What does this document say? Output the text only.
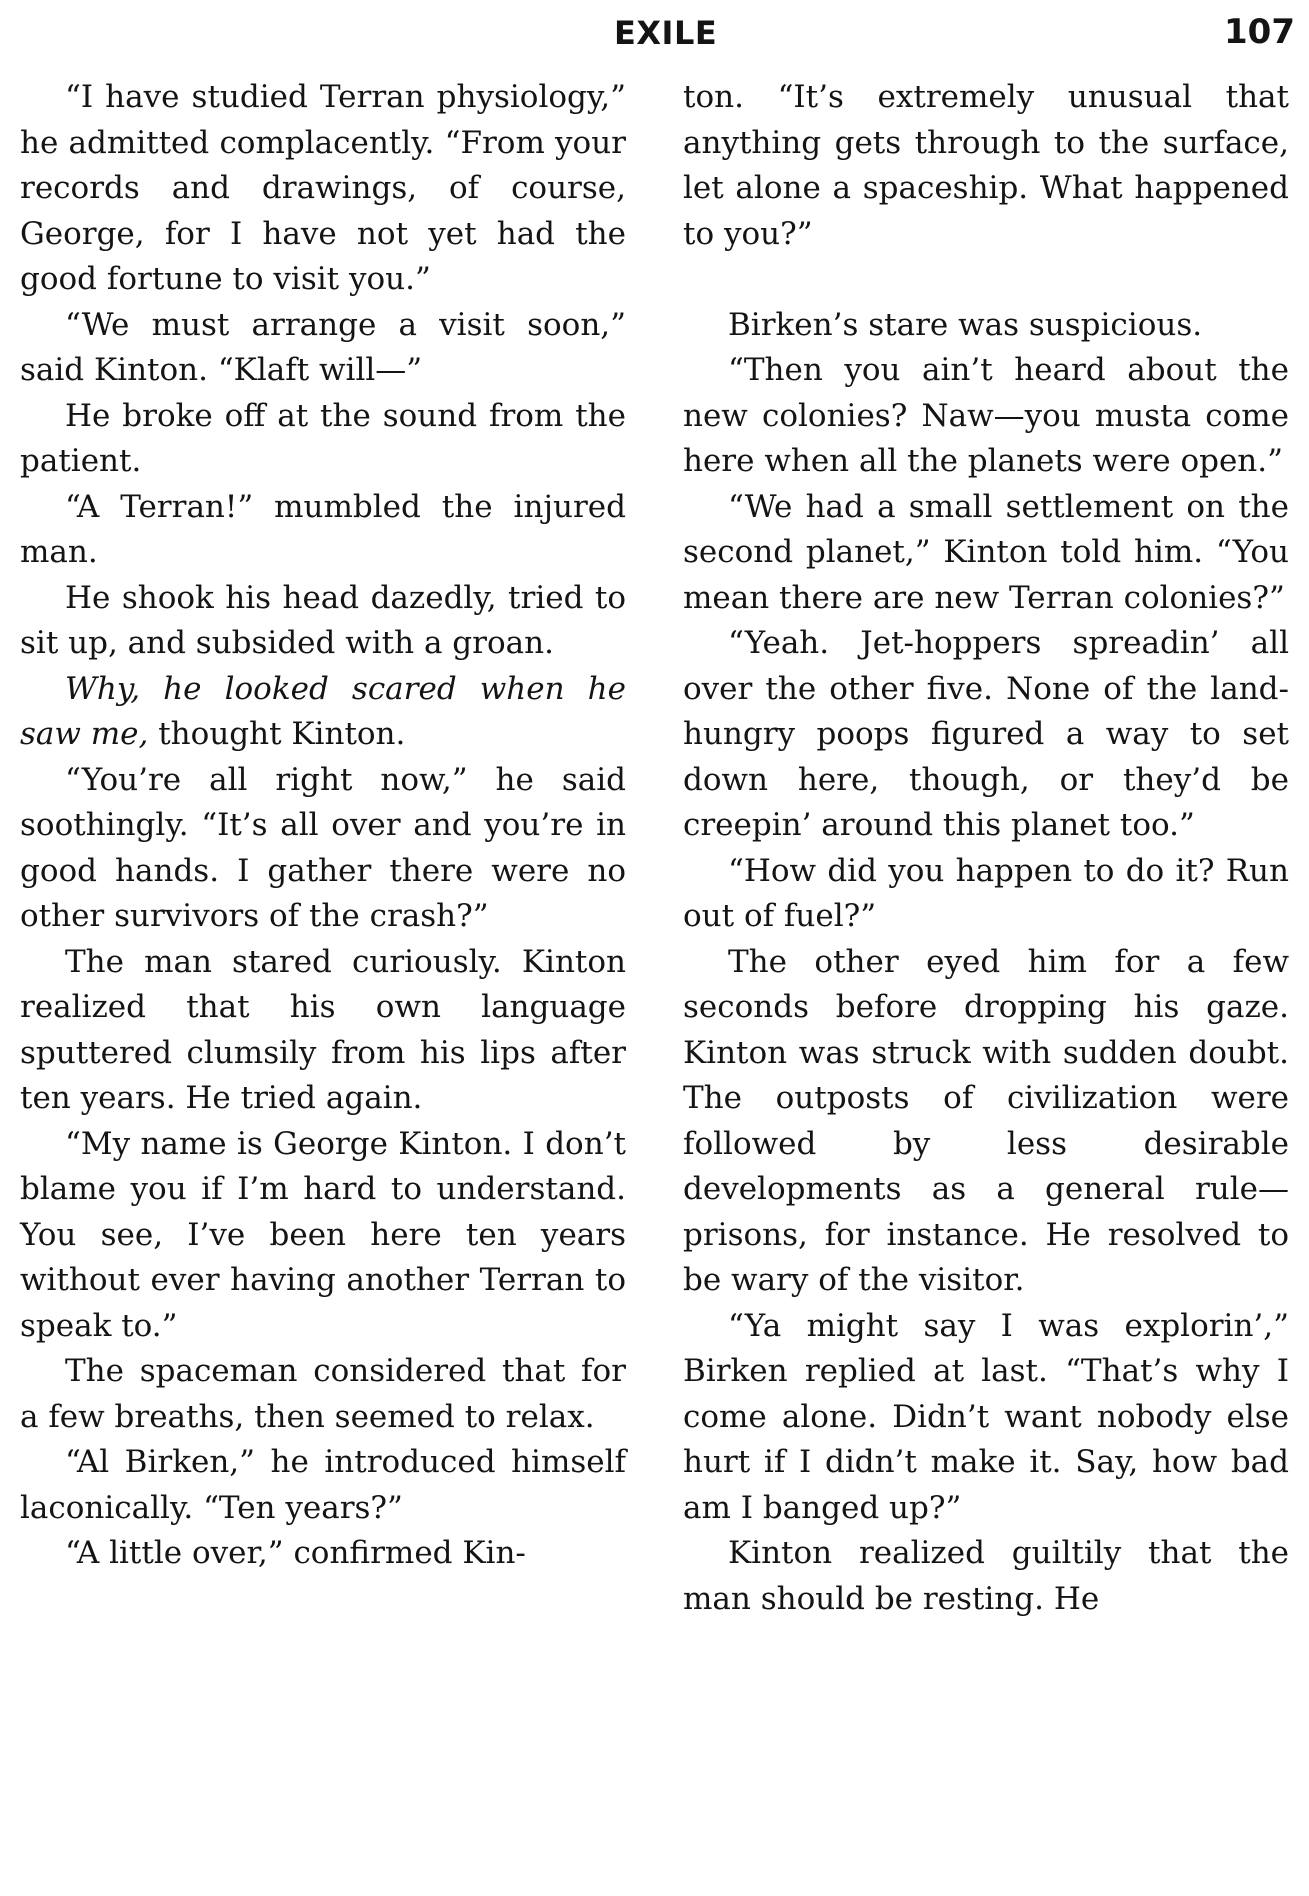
EXILE	107

“I have studied Terran physiology,” he admitted complacently. “From your records and drawings, of course, George, for I have not yet had the good fortune to visit you.”

“We must arrange a visit soon,” said Kinton. “Klaft will—”

He broke off at the sound from the patient.

“A Terran!” mumbled the injured man.

He shook his head dazedly, tried to sit up, and subsided with a groan.

Why, he looked scared when he saw me, thought Kinton.

“You’re all right now,” he said soothingly. “It’s all over and you’re in good hands. I gather there were no other survivors of the crash?”

The man stared curiously. Kinton realized that his own language sputtered clumsily from his lips after ten years. He tried again.

“My name is George Kinton. I don’t blame you if I’m hard to understand. You see, I’ve been here ten years without ever having another Terran to speak to.”

The spaceman considered that for a few breaths, then seemed to relax.

“Al Birken,” he introduced himself laconically. “Ten years?”

“A little over,” confirmed Kin-

ton. “It’s extremely unusual that anything gets through to the surface, let alone a spaceship. What happened to you?”

Birken’s stare was suspicious.

“Then you ain’t heard about the new colonies? Naw—you musta come here when all the planets were open.”

“We had a small settlement on the second planet,” Kinton told him. “You mean there are new Terran colonies?”

“Yeah. Jet-hoppers spreadin’ all over the other five. None of the land-hungry poops figured a way to set down here, though, or they’d be creepin’ around this planet too.”

“How did you happen to do it? Run out of fuel?”

The other eyed him for a few seconds before dropping his gaze. Kinton was struck with sudden doubt. The outposts of civilization were followed by less desirable developments as a general rule—prisons, for instance. He resolved to be wary of the visitor.

“Ya might say I was explorin’,” Birken replied at last. “That’s why I come alone. Didn’t want nobody else hurt if I didn’t make it. Say, how bad am I banged up?”

Kinton realized guiltily that the man should be resting. He
